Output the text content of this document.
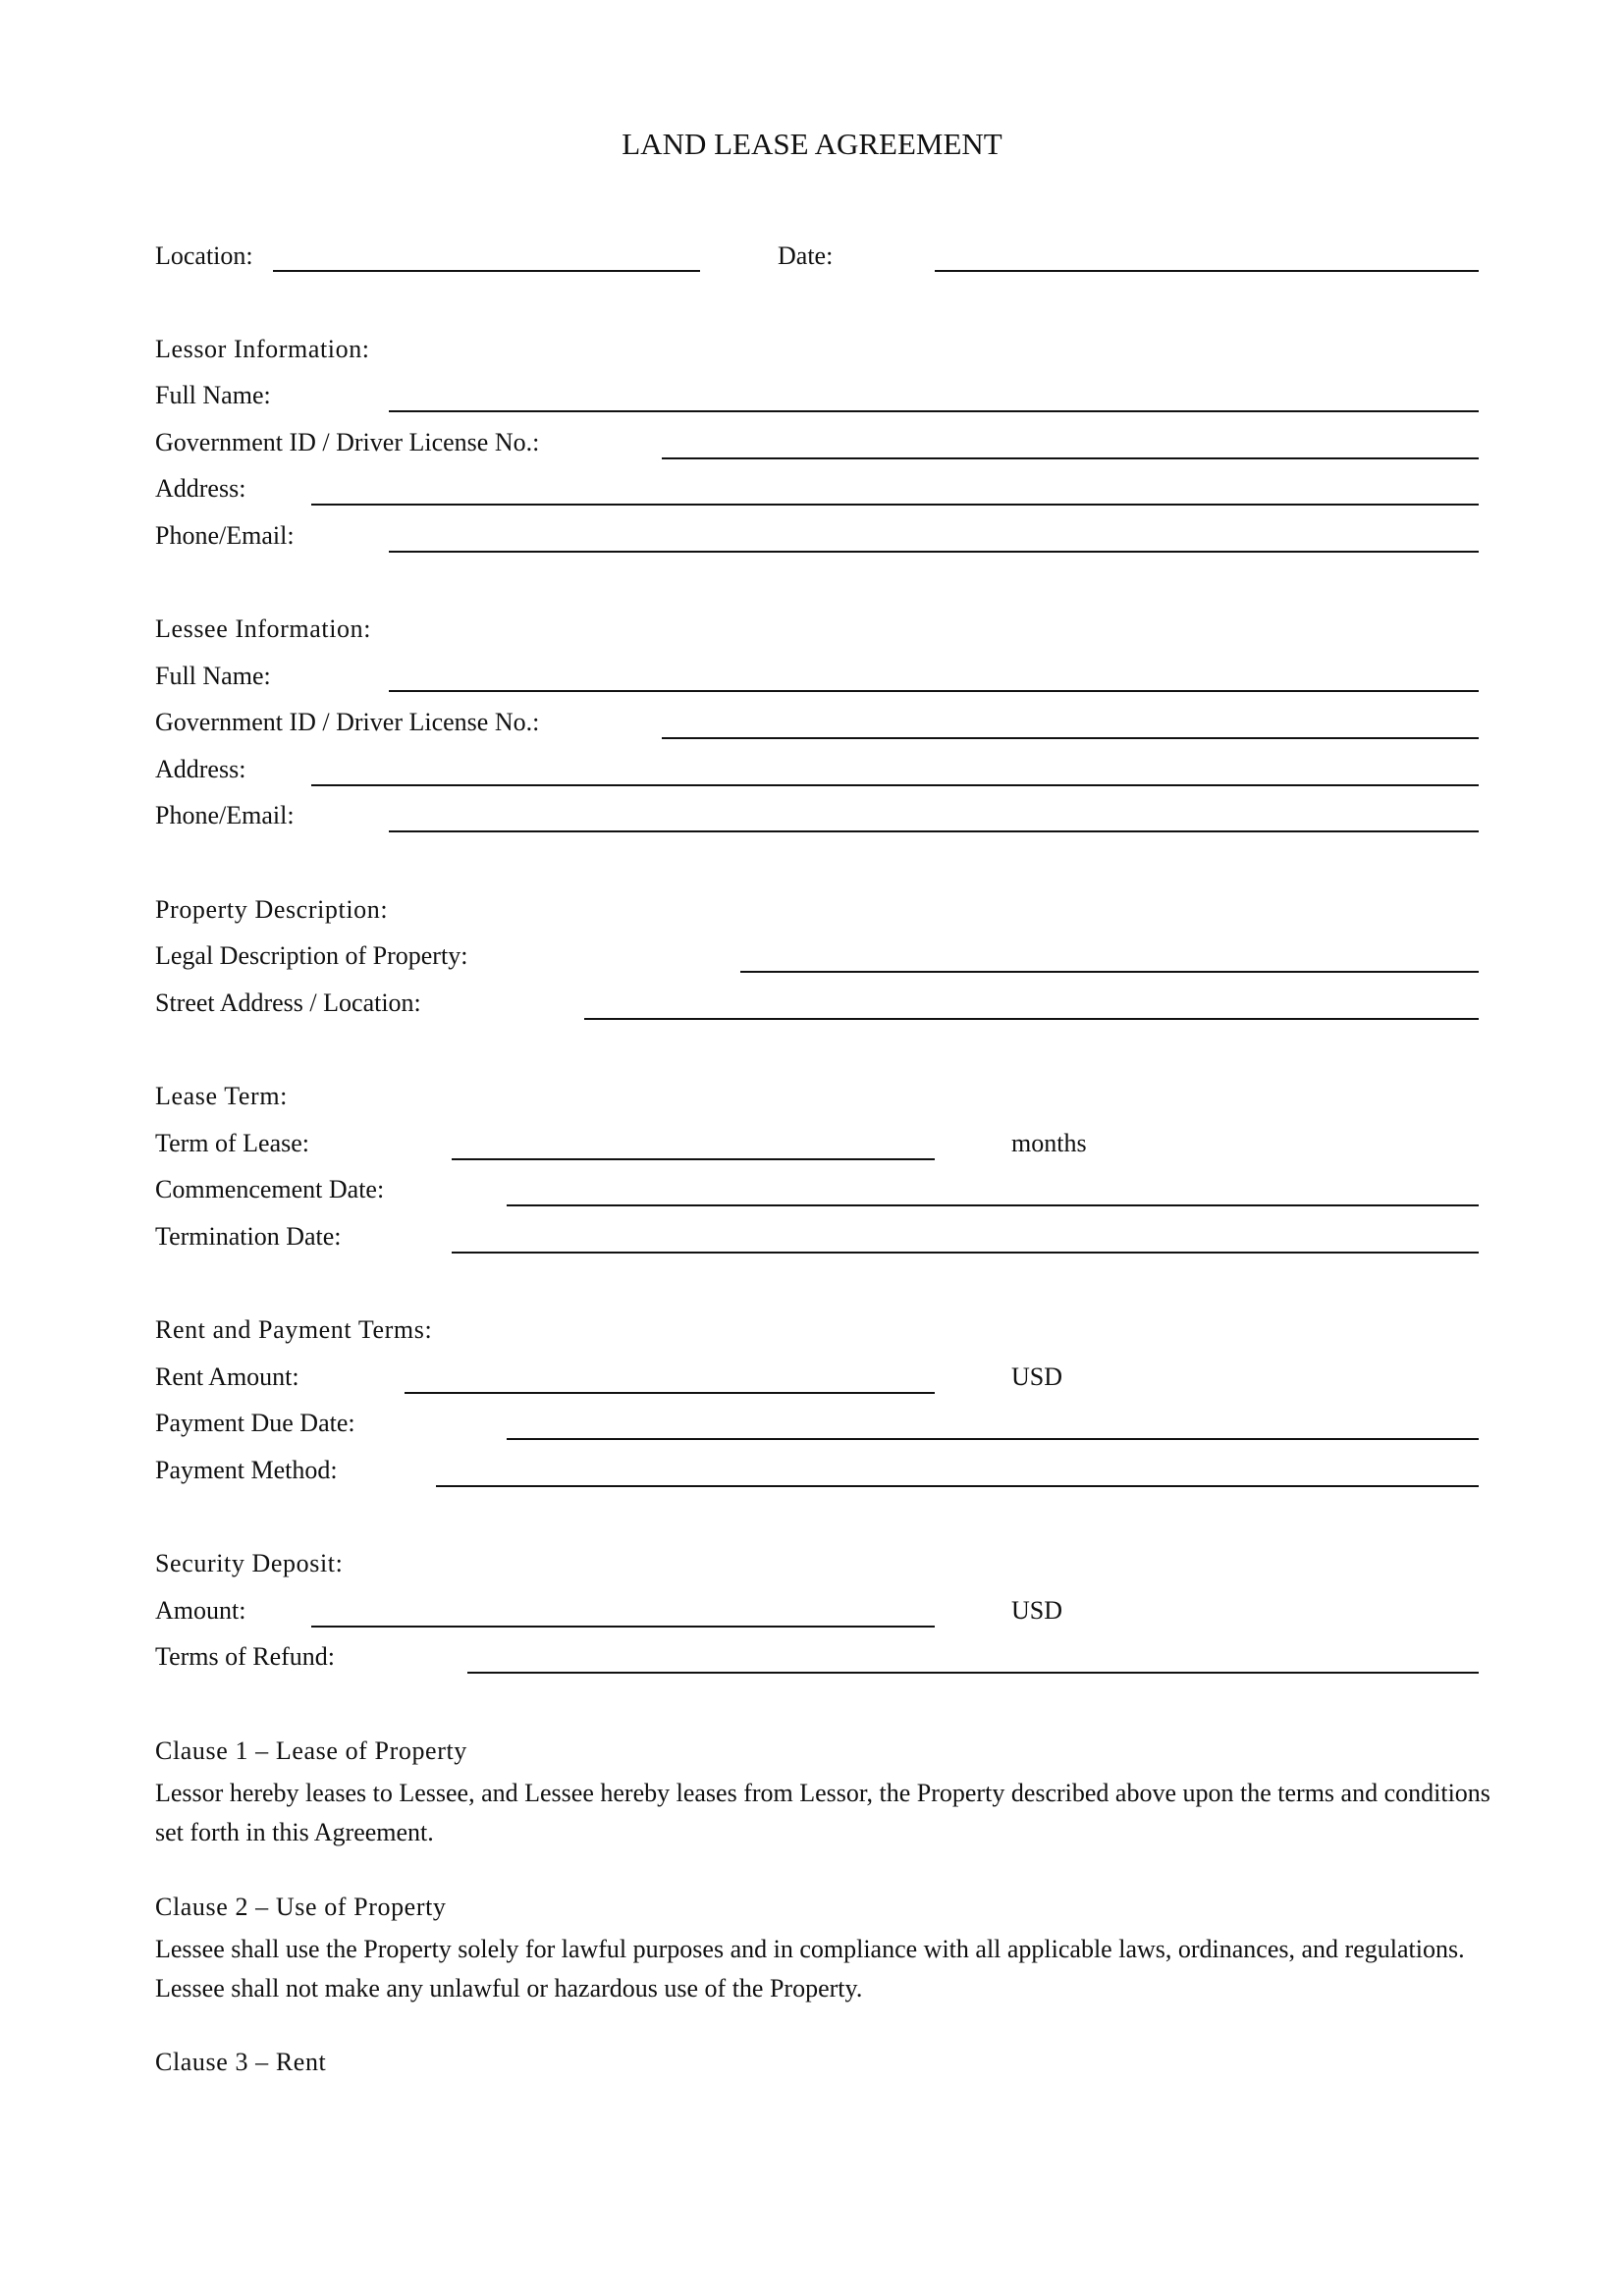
LAND LEASE AGREEMENT
Location:	Date:
Lessor Information:
Full Name:
Government ID / Driver License No.:
Address:
Phone/Email:
Lessee Information:
Full Name:
Government ID / Driver License No.:
Address:
Phone/Email:
Property Description:
Legal Description of Property:
Street Address / Location:
Lease Term:
Term of Lease:	months
Commencement Date:
Termination Date:
Rent and Payment Terms:
Rent Amount:	USD
Payment Due Date:
Payment Method:
Security Deposit:
Amount:	USD
Terms of Refund:
Clause 1 – Lease of Property
Lessor hereby leases to Lessee, and Lessee hereby leases from Lessor, the Property described above upon the terms and conditions set forth in this Agreement.
Clause 2 – Use of Property
Lessee shall use the Property solely for lawful purposes and in compliance with all applicable laws, ordinances, and regulations. Lessee shall not make any unlawful or hazardous use of the Property.
Clause 3 – Rent
